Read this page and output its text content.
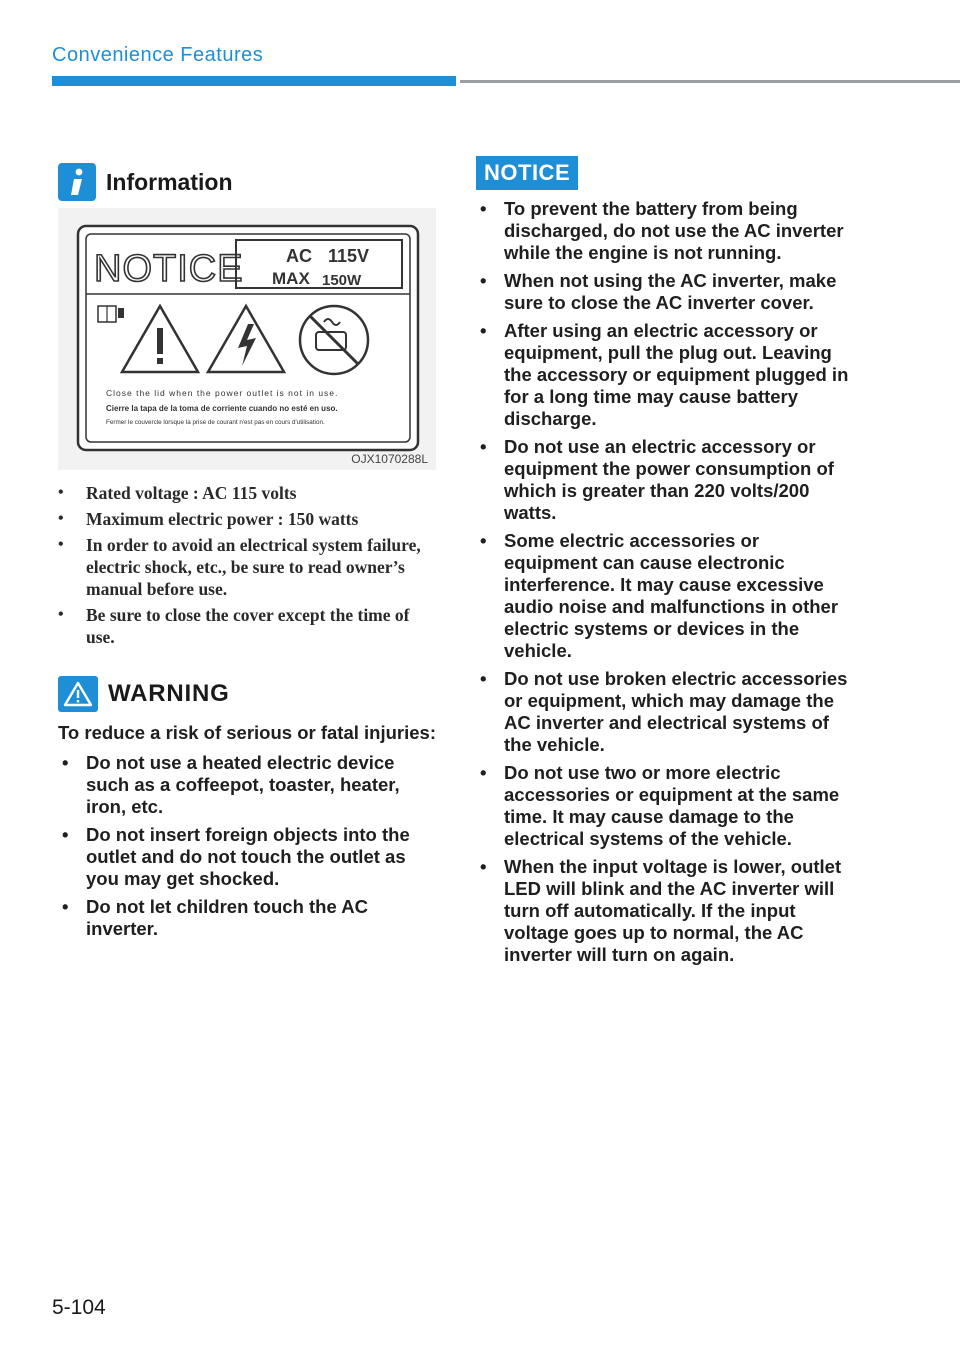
Convenience Features
Information
NOTICE AC 115V
MAX 150W
Close the lid when the power outlet is not in use.
Cierre la tapa de la toma de corriente cuando no esté en uso.
Fermer le couvercle lorsque la prise de courant n'est pas en cours d'utilisation.
OJX1070288L
• Rated voltage : AC 115 volts
• Maximum electric power : 150 watts
• In order to avoid an electrical system failure, electric shock, etc., be sure to read owner’s manual before use.
• Be sure to close the cover except the time of use.
WARNING

To reduce a risk of serious or fatal injuries:

• Do not use a heated electric device such as a coffeepot, toaster, heater, iron, etc.
• Do not insert foreign objects into the outlet and do not touch the outlet as you may get shocked.
• Do not let children touch the AC inverter.
NOTICE
• To prevent the battery from being discharged, do not use the AC inverter while the engine is not running.
• When not using the AC inverter, make sure to close the AC inverter cover.
• After using an electric accessory or equipment, pull the plug out. Leaving the accessory or equipment plugged in for a long time may cause battery discharge.
• Do not use an electric accessory or equipment the power consumption of which is greater than 220 volts/200 watts.
• Some electric accessories or equipment can cause electronic interference. It may cause excessive audio noise and malfunctions in other electric systems or devices in the vehicle.
• Do not use broken electric accessories or equipment, which may damage the AC inverter and electrical systems of the vehicle.
• Do not use two or more electric accessories or equipment at the same time. It may cause damage to the electrical systems of the vehicle.
• When the input voltage is lower, outlet LED will blink and the AC inverter will turn off automatically. If the input voltage goes up to normal, the AC inverter will turn on again.
5-104
